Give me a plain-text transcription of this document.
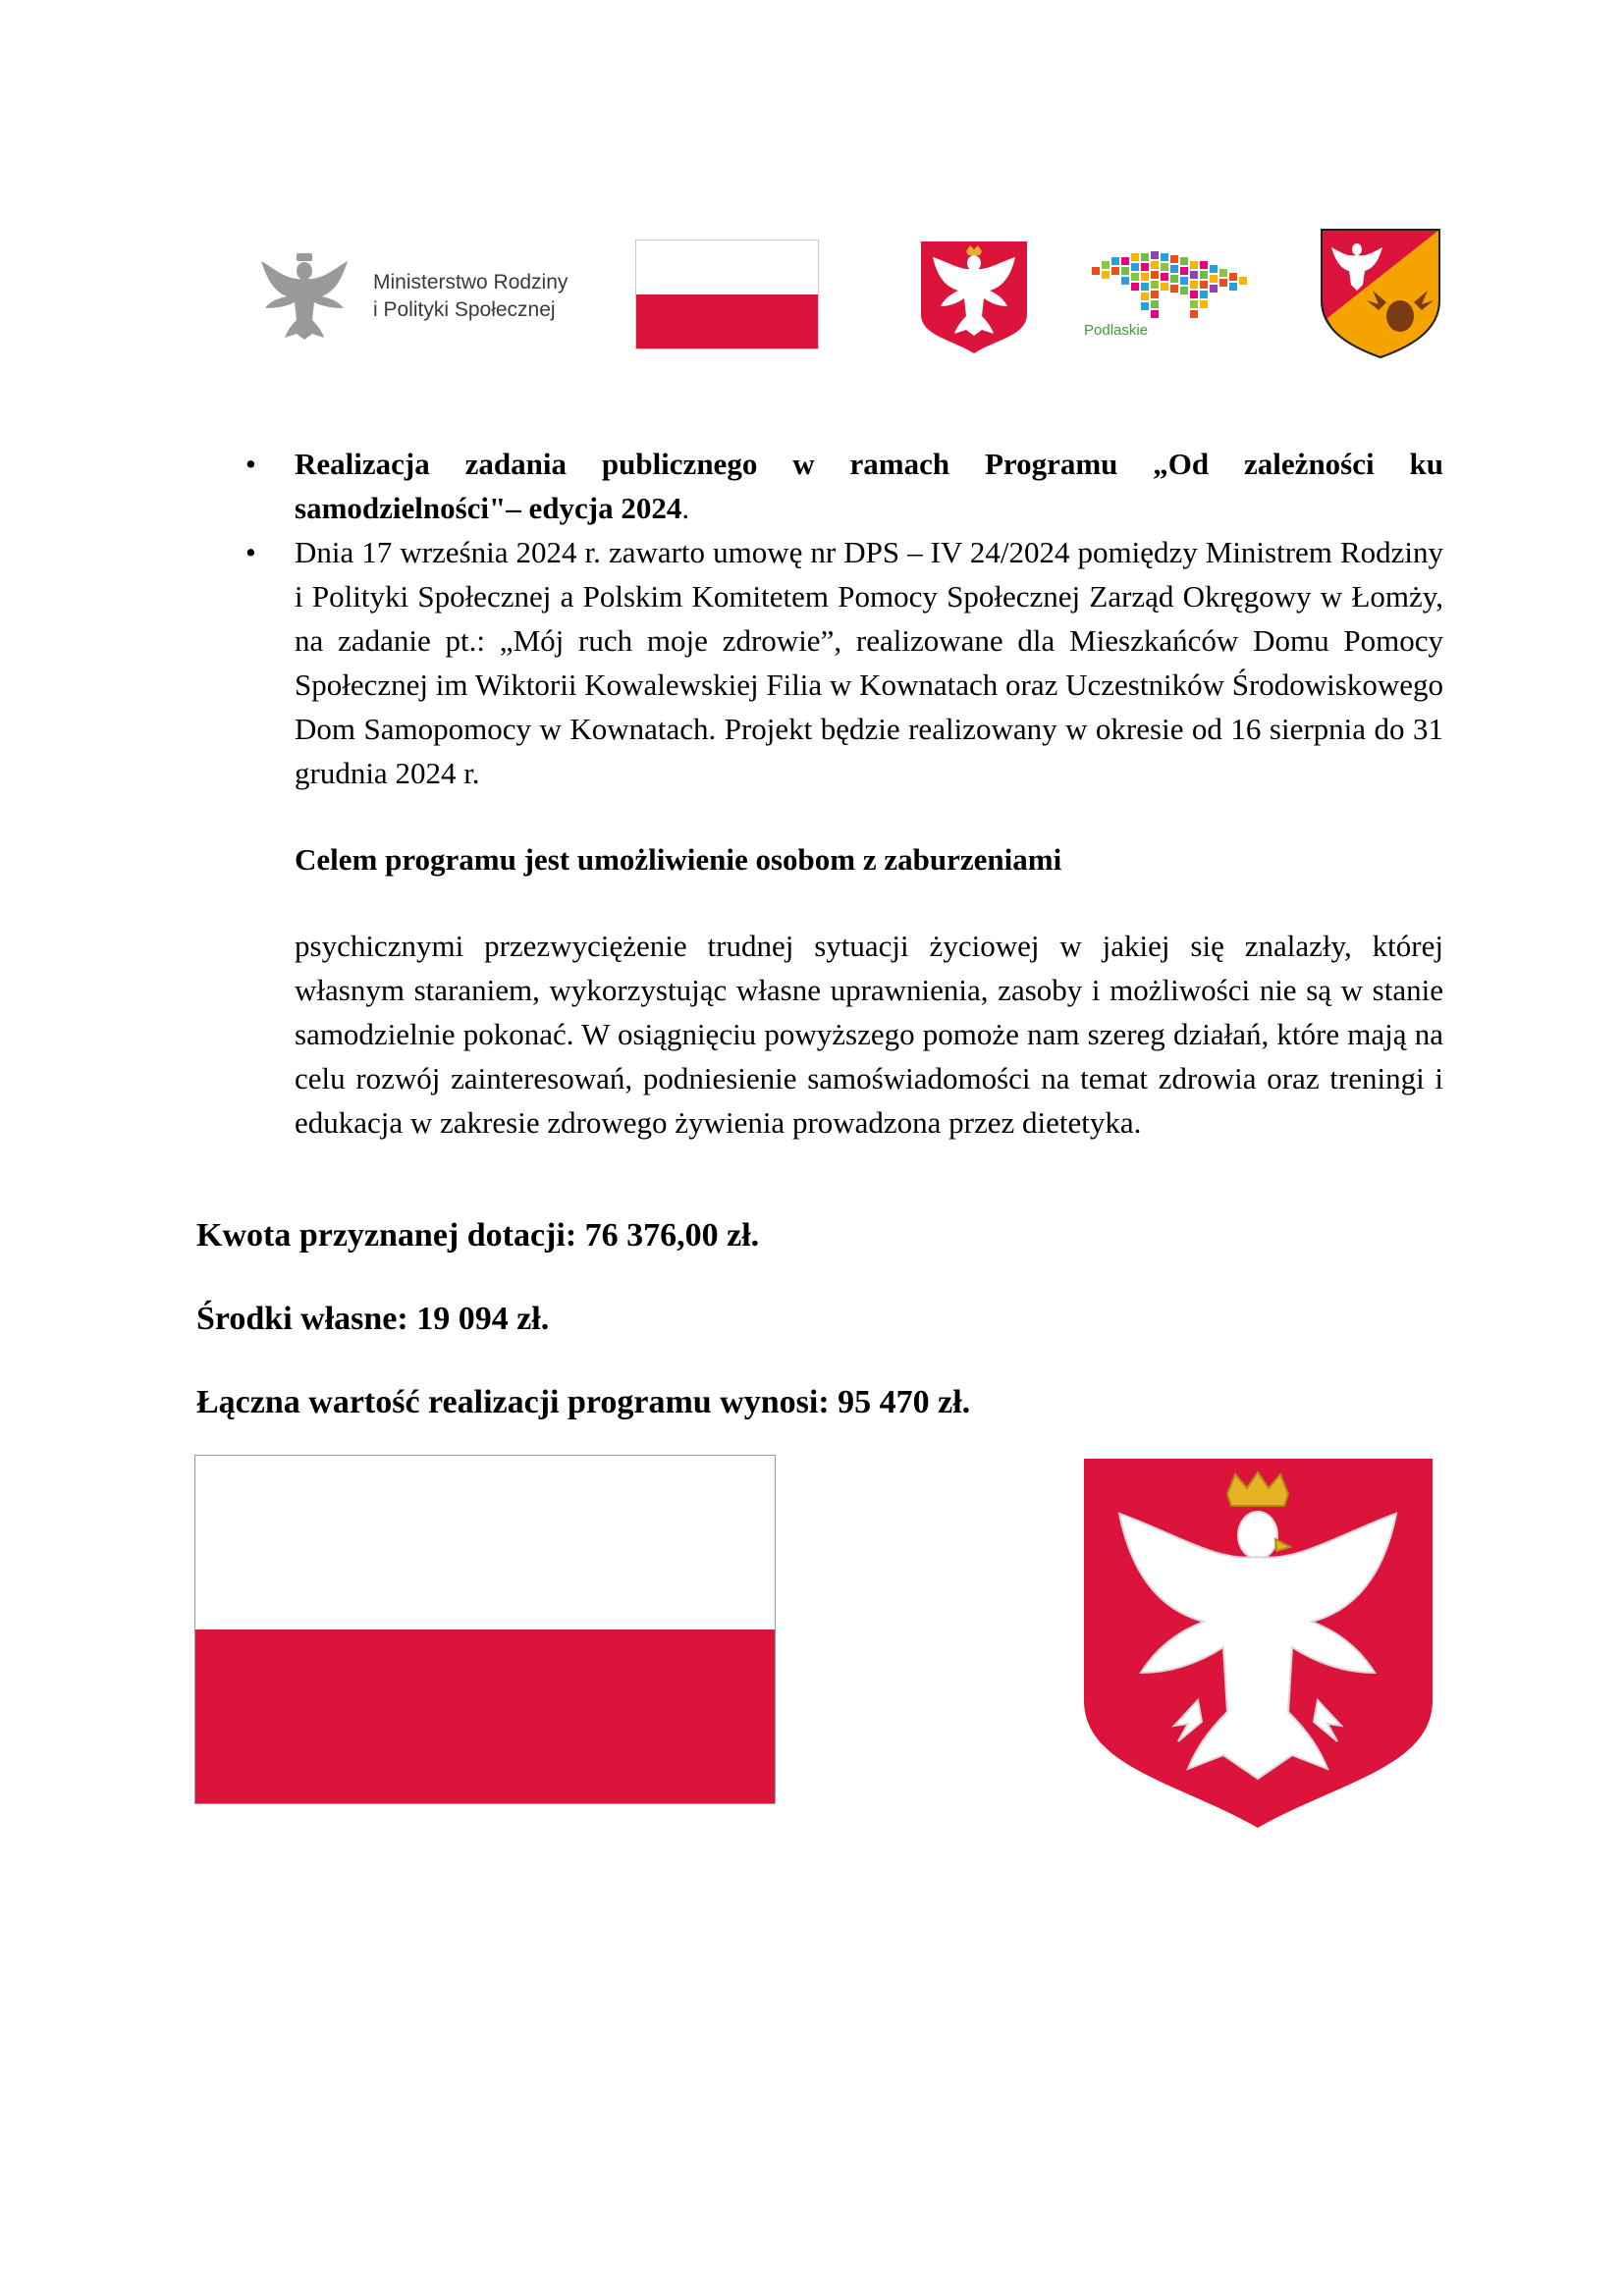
Ministerstwo Rodziny
i Polityki Społecznej
Podlaskie
• Realizacja zadania publicznego w ramach Programu „Od zależności ku samodzielności"– edycja 2024.
• Dnia 17 września 2024 r. zawarto umowę nr DPS – IV 24/2024 pomiędzy Ministrem Rodziny i Polityki Społecznej a Polskim Komitetem Pomocy Społecznej Zarząd Okręgowy w Łomży, na zadanie pt.: „Mój ruch moje zdrowie”, realizowane dla Mieszkańców Domu Pomocy Społecznej im Wiktorii Kowalewskiej Filia w Kownatach oraz Uczestników Środowiskowego Dom Samopomocy w Kownatach. Projekt będzie realizowany w okresie od 16 sierpnia do 31 grudnia 2024 r.
Celem programu jest umożliwienie osobom z zaburzeniami
psychicznymi przezwyciężenie trudnej sytuacji życiowej w jakiej się znalazły, której własnym staraniem, wykorzystując własne uprawnienia, zasoby i możliwości nie są w stanie samodzielnie pokonać. W osiągnięciu powyższego pomoże nam szereg działań, które mają na celu rozwój zainteresowań, podniesienie samoświadomości na temat zdrowia oraz treningi i edukacja w zakresie zdrowego żywienia prowadzona przez dietetyka.
Kwota przyznanej dotacji: 76 376,00 zł.
Środki własne: 19 094 zł.
Łączna wartość realizacji programu wynosi: 95 470 zł.
